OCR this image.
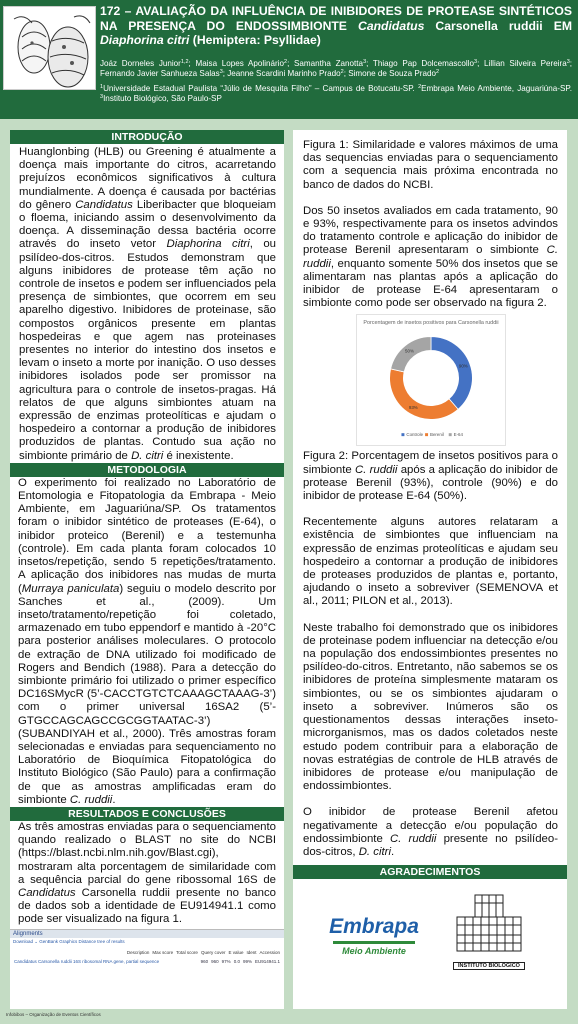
172 – AVALIAÇÃO DA INFLUÊNCIA DE INIBIDORES DE PROTEASE SINTÉTICOS NA PRESENÇA DO ENDOSSIMBIONTE Candidatus Carsonella ruddii EM Diaphorina citri (Hemiptera: Psyllidae)
Joáz Dorneles Junior$^{1,2}$; Maisa Lopes Apolinário$^2$; Samantha Zanotta$^3$; Thiago Pap Dolcemascollo$^3$; Lillian Silveira Pereira$^3$; Fernando Javier Sanhueza Salas$^3$; Jeanne Scardini Marinho Prado$^2$; Simone de Souza Prado$^2$
$^1$Universidade Estadual Paulista “Júlio de Mesquita Filho” – Campus de Botucatu-SP. $^2$Embrapa Meio Ambiente, Jaguariúna-SP. $^3$Instituto Biológico, São Paulo-SP
INTRODUÇÃO
Huanglonbing (HLB) ou Greening é atualmente a doença mais importante do citros, acarretando prejuízos econômicos significativos à cultura mundialmente. A doença é causada por bactérias do gênero Candidatus Liberibacter que bloqueiam o floema, iniciando assim o desenvolvimento da doença. A disseminação dessa bactéria ocorre através do inseto vetor Diaphorina citri, ou psilídeo-dos-citros. Estudos demonstram que alguns inibidores de protease têm ação no controle de insetos e podem ser influenciados pela presença de simbiontes, que ocorrem em seu aparelho digestivo. Inibidores de proteinase, são compostos orgânicos presente em plantas hospedeiras e que agem nas proteinases presentes no interior do intestino dos insetos e levam o inseto a morte por inanição. O uso desses inibidores isolados pode ser promissor na agricultura para o controle de insetos-pragas. Há relatos de que alguns simbiontes atuam na expressão de enzimas proteolíticas e ajudam o hospedeiro a contornar a produção de inibidores produzidos de plantas. Contudo sua ação no simbionte primário de D. citri é inexistente.
METODOLOGIA
O experimento foi realizado no Laboratório de Entomologia e Fitopatologia da Embrapa - Meio Ambiente, em Jaguariúna/SP. Os tratamentos foram o inibidor sintético de proteases (E-64), o inibidor proteico (Berenil) e a testemunha (controle). Em cada planta foram colocados 10 insetos/repetição, sendo 5 repetições/tratamento. A aplicação dos inibidores nas mudas de murta (Murraya paniculata) seguiu o modelo descrito por Sanches et al., (2009). Um inseto/tratamento/repetição foi coletado, armazenado em tubo eppendorf e mantido à -20°C para posterior análises moleculares. O protocolo de extração de DNA utilizado foi modificado de Rogers and Bendich (1988). Para a detecção do simbionte primário foi utilizado o primer específico DC16SMycR (5’-CACCTGTCTCAAAGCTAAAG-3’) com o primer universal 16SA2 (5’-GTGCCAGCAGCCGCGGTAATAC-3’) (SUBANDIYAH et al., 2000). Três amostras foram selecionadas e enviadas para sequenciamento no Laboratório de Bioquímica Fitopatológica do Instituto Biológico (São Paulo) para a confirmação de que as amostras amplificadas eram do simbionte C. ruddii.
RESULTADOS E CONCLUSÕES
As três amostras enviadas para o sequenciamento quando realizado o BLAST no site do NCBI (https://blast.ncbi.nlm.nih.gov/Blast.cgi), mostraram alta porcentagem de similaridade com a sequência parcial do gene ribossomal 16S de Candidatus Carsonella ruddii presente no banco de dados sob a identidade de EU914941.1 como pode ser visualizado na figura 1.
Alignments
Download ⌄ GenBank Graphics Distance tree of results
Description Max score Total score Query cover E value Ident Accession
Candidatus Carsonella ruddii 16S ribosomal RNA gene, partial sequence	960 960 97% 0.0 99% EU914941.1

Figura 1: Similaridade e valores máximos de uma das sequencias enviadas para o sequenciamento com a sequencia mais próxima encontrada no banco de dados do NCBI.

Dos 50 insetos avaliados em cada tratamento, 90 e 93%, respectivamente para os insetos advindos do tratamento controle e aplicação do inibidor de protease Berenil apresentaram o simbionte C. ruddii, enquanto somente 50% dos insetos que se alimentaram nas plantas após a aplicação do inibidor de protease E-64 apresentaram o simbionte como pode ser observado na figura 2.

Porcentagem de insetos positivos para Carsonella ruddii
90%
93%
50%
Controle Berenil E-64

Figura 2: Porcentagem de insetos positivos para o simbionte C. ruddii após a aplicação do inibidor de protease Berenil (93%), controle (90%) e do inibidor de protease E-64 (50%).

Recentemente alguns autores relataram a existência de simbiontes que influenciam na expressão de enzimas proteolíticas e ajudam seu hospedeiro a contornar a produção de inibidores de proteases produzidos de plantas e, portanto, ajudando o inseto a sobreviver (SEMENOVA et al., 2011; PILON et al., 2013).

Neste trabalho foi demonstrado que os inibidores de proteinase podem influenciar na detecção e/ou na população dos endossimbiontes presentes no psilídeo-do-citros. Entretanto, não sabemos se os inibidores de proteína simplesmente mataram os simbiontes, ou se os simbiontes ajudaram o inseto a sobreviver. Inúmeros são os questionamentos dessas interações inseto-microrganismos, mas os dados coletados neste estudo podem contribuir para a elaboração de novas estratégias de controle de HLB através de inibidores de protease e/ou manipulação de endossimbiontes.

O inibidor de protease Berenil afetou negativamente a detecção e/ou população do endossimbionte C. ruddii presente no psilídeo-dos-citros, D. citri.

AGRADECIMENTOS
Embrapa
Meio Ambiente
INSTITUTO BIOLÓGICO
Infobibos – Organização de Eventos Científicos
